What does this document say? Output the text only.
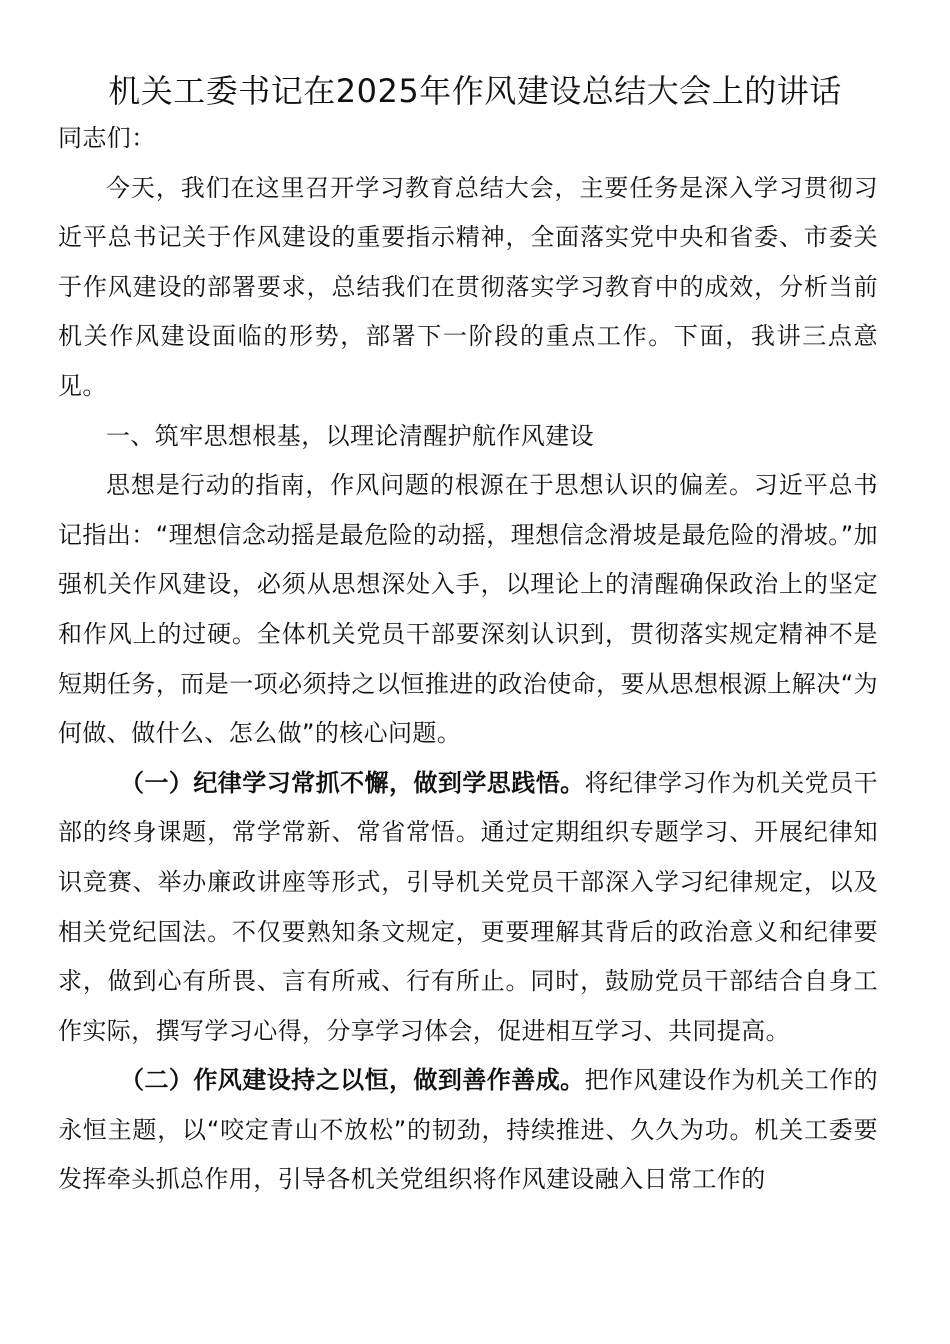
机关工委书记在2025年作风建设总结大会上的讲话

同志们：

今天，我们在这里召开学习教育总结大会，主要任务是深入学习贯彻习近平总书记关于作风建设的重要指示精神，全面落实党中央和省委、市委关于作风建设的部署要求，总结我们在贯彻落实学习教育中的成效，分析当前机关作风建设面临的形势，部署下一阶段的重点工作。下面，我讲三点意见。

一、筑牢思想根基，以理论清醒护航作风建设

思想是行动的指南，作风问题的根源在于思想认识的偏差。习近平总书记指出：“理想信念动摇是最危险的动摇，理想信念滑坡是最危险的滑坡。”加强机关作风建设，必须从思想深处入手，以理论上的清醒确保政治上的坚定和作风上的过硬。全体机关党员干部要深刻认识到，贯彻落实规定精神不是短期任务，而是一项必须持之以恒推进的政治使命，要从思想根源上解决“为何做、做什么、怎么做”的核心问题。

（一）纪律学习常抓不懈，做到学思践悟。将纪律学习作为机关党员干部的终身课题，常学常新、常省常悟。通过定期组织专题学习、开展纪律知识竞赛、举办廉政讲座等形式，引导机关党员干部深入学习纪律规定，以及相关党纪国法。不仅要熟知条文规定，更要理解其背后的政治意义和纪律要求，做到心有所畏、言有所戒、行有所止。同时，鼓励党员干部结合自身工作实际，撰写学习心得，分享学习体会，促进相互学习、共同提高。

（二）作风建设持之以恒，做到善作善成。把作风建设作为机关工作的永恒主题，以“咬定青山不放松”的韧劲，持续推进、久久为功。机关工委要发挥牵头抓总作用，引导各机关党组织将作风建设融入日常工作的
